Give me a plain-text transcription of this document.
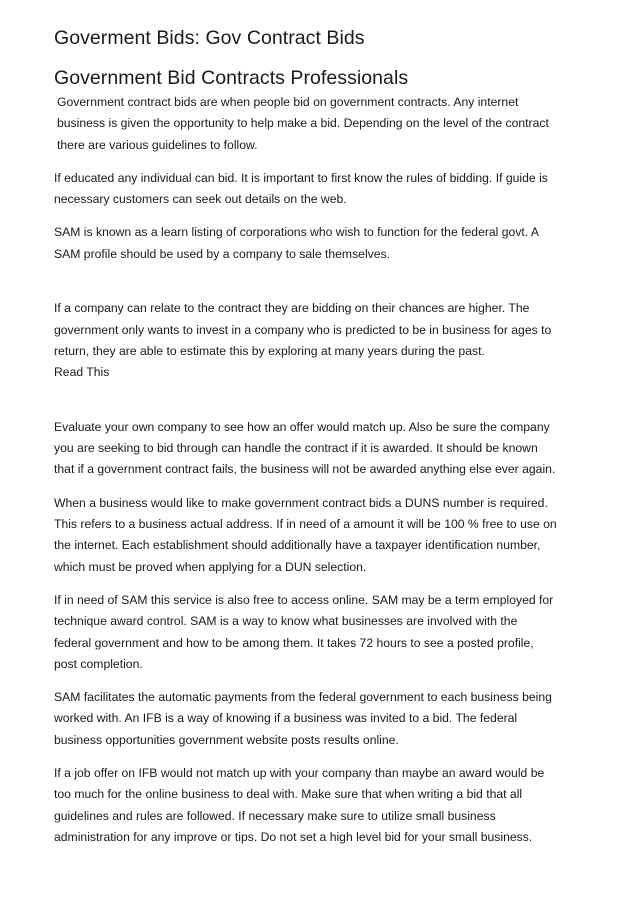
Goverment Bids: Gov Contract Bids
Government Bid Contracts Professionals

Government contract bids are when people bid on government contracts. Any internet
business is given the opportunity to help make a bid. Depending on the level of the contract
there are various guidelines to follow.

If educated any individual can bid. It is important to first know the rules of bidding. If guide is
necessary customers can seek out details on the web.

SAM is known as a learn listing of corporations who wish to function for the federal govt. A
SAM profile should be used by a company to sale themselves.

If a company can relate to the contract they are bidding on their chances are higher. The
government only wants to invest in a company who is predicted to be in business for ages to
return, they are able to estimate this by exploring at many years during the past.

Read This

Evaluate your own company to see how an offer would match up. Also be sure the company
you are seeking to bid through can handle the contract if it is awarded. It should be known
that if a government contract fails, the business will not be awarded anything else ever again.

When a business would like to make government contract bids a DUNS number is required.
This refers to a business actual address. If in need of a amount it will be 100 % free to use on
the internet. Each establishment should additionally have a taxpayer identification number,
which must be proved when applying for a DUN selection.

If in need of SAM this service is also free to access online. SAM may be a term employed for
technique award control. SAM is a way to know what businesses are involved with the
federal government and how to be among them. It takes 72 hours to see a posted profile,
post completion.

SAM facilitates the automatic payments from the federal government to each business being
worked with. An IFB is a way of knowing if a business was invited to a bid. The federal
business opportunities government website posts results online.

If a job offer on IFB would not match up with your company than maybe an award would be
too much for the online business to deal with. Make sure that when writing a bid that all
guidelines and rules are followed. If necessary make sure to utilize small business
administration for any improve or tips. Do not set a high level bid for your small business.
